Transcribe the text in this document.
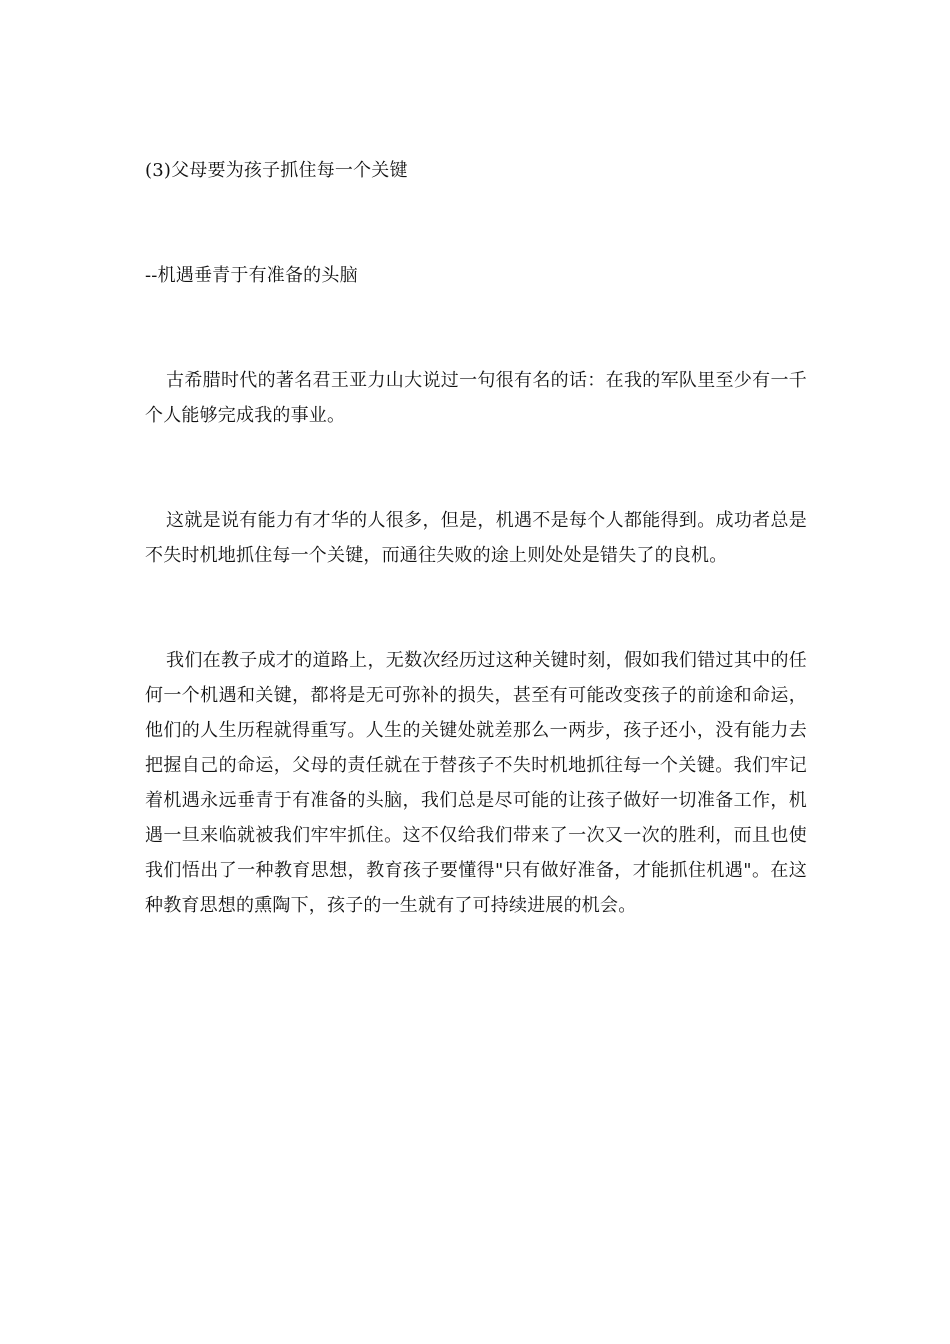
(3)父母要为孩子抓住每一个关键

--机遇垂青于有准备的头脑

古希腊时代的著名君王亚力山大说过一句很有名的话：在我的军队里至少有一千个人能够完成我的事业。

这就是说有能力有才华的人很多，但是，机遇不是每个人都能得到。成功者总是不失时机地抓住每一个关键，而通往失败的途上则处处是错失了的良机。

我们在教子成才的道路上，无数次经历过这种关键时刻，假如我们错过其中的任何一个机遇和关键，都将是无可弥补的损失，甚至有可能改变孩子的前途和命运，他们的人生历程就得重写。人生的关键处就差那么一两步，孩子还小，没有能力去把握自己的命运，父母的责任就在于替孩子不失时机地抓往每一个关键。我们牢记着机遇永远垂青于有准备的头脑，我们总是尽可能的让孩子做好一切准备工作，机遇一旦来临就被我们牢牢抓住。这不仅给我们带来了一次又一次的胜利，而且也使我们悟出了一种教育思想，教育孩子要懂得"只有做好准备，才能抓住机遇"。在这种教育思想的熏陶下，孩子的一生就有了可持续进展的机会。
